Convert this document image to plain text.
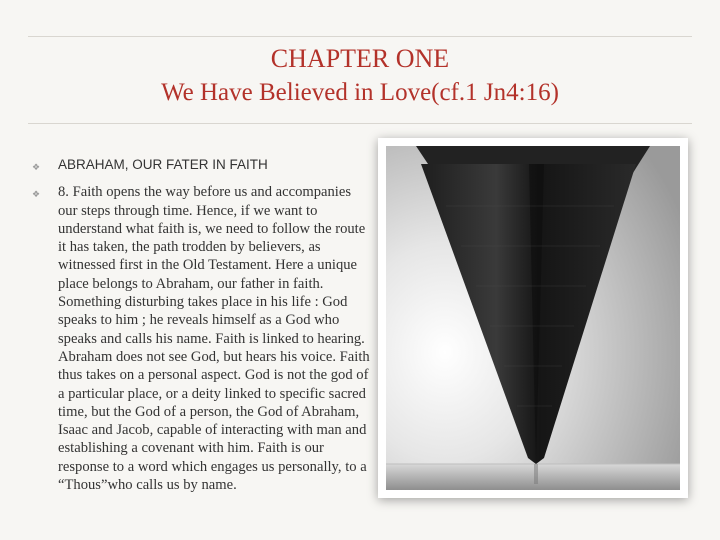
CHAPTER ONE
We Have Believed in Love(cf.1 Jn4:16)
❖ ABRAHAM, OUR FATER IN FAITH
❖ 8. Faith opens the way before us and accompanies our steps through time. Hence, if we want to understand what faith is, we need to follow the route it has taken, the path trodden by believers, as witnessed first in the Old Testament. Here a unique place belongs to Abraham, our father in faith. Something disturbing takes place in his life : God speaks to him ; he reveals himself as a God who speaks and calls his name. Faith is linked to hearing. Abraham does not see God, but hears his voice. Faith thus takes on a personal aspect. God is not the god of a particular place, or a deity linked to specific sacred time, but the God of a person, the God of Abraham, Isaac and Jacob, capable of interacting with man and establishing a covenant with him. Faith is our response to a word which engages us personally, to a “Thous”who calls us by name.
